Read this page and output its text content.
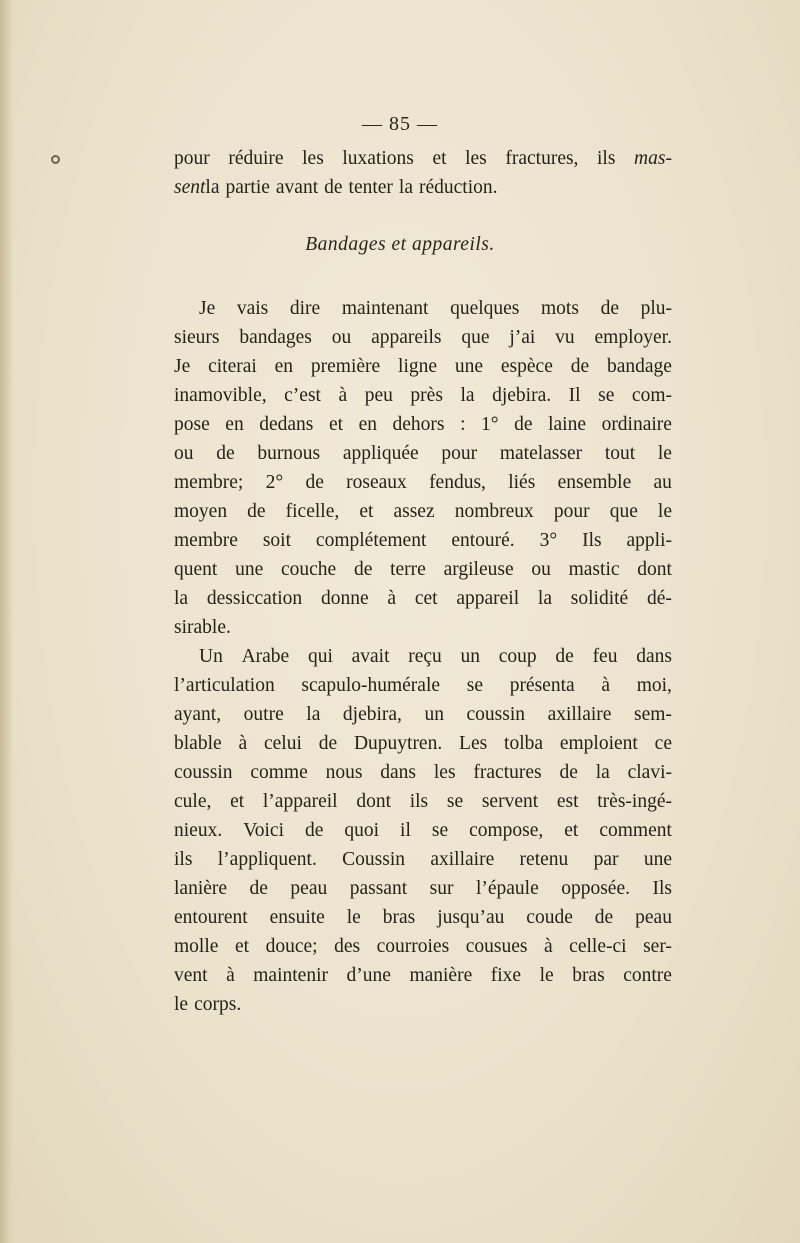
— 85 —
pour réduire les luxations et les fractures, ils mas-
sent la partie avant de tenter la réduction.
Bandages et appareils.
Je vais dire maintenant quelques mots de plu-
sieurs bandages ou appareils que j’ai vu employer.
Je citerai en première ligne une espèce de bandage
inamovible, c’est à peu près la djebira. Il se com-
pose en dedans et en dehors : 1° de laine ordinaire
ou de burnous appliquée pour matelasser tout le
membre; 2° de roseaux fendus, liés ensemble au
moyen de ficelle, et assez nombreux pour que le
membre soit complétement entouré. 3° Ils appli-
quent une couche de terre argileuse ou mastic dont
la dessiccation donne à cet appareil la solidité dé-
sirable.
Un Arabe qui avait reçu un coup de feu dans
l’articulation scapulo-humérale se présenta à moi,
ayant, outre la djebira, un coussin axillaire sem-
blable à celui de Dupuytren. Les tolba emploient ce
coussin comme nous dans les fractures de la clavi-
cule, et l’appareil dont ils se servent est très-ingé-
nieux. Voici de quoi il se compose, et comment
ils l’appliquent. Coussin axillaire retenu par une
lanière de peau passant sur l’épaule opposée. Ils
entourent ensuite le bras jusqu’au coude de peau
molle et douce; des courroies cousues à celle-ci ser-
vent à maintenir d’une manière fixe le bras contre
le corps.
